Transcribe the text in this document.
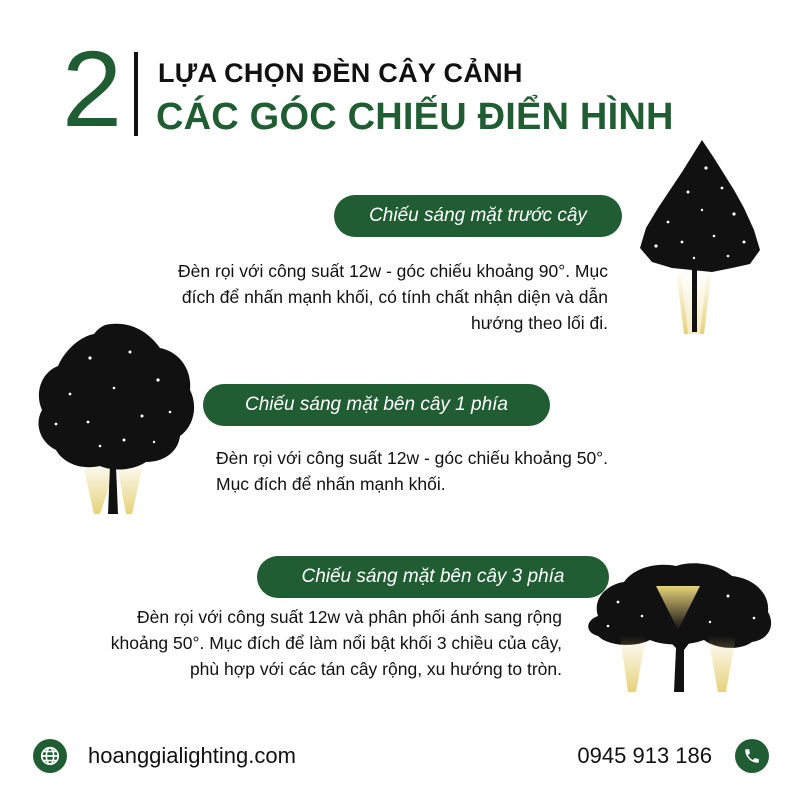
2 LỰA CHỌN ĐÈN CÂY CẢNH
CÁC GÓC CHIẾU ĐIỂN HÌNH
Chiếu sáng mặt trước cây
Đèn rọi với công suất 12w - góc chiếu khoảng 90°. Mục
đích để nhấn mạnh khối, có tính chất nhận diện và dẫn
hướng theo lối đi.
Chiếu sáng mặt bên cây 1 phía
Đèn rọi với công suất 12w - góc chiếu khoảng 50°.
Mục đích để nhấn mạnh khối.
Chiếu sáng mặt bên cây 3 phía
Đèn rọi với công suất 12w và phân phối ánh sang rộng
khoảng 50°. Mục đích để làm nổi bật khối 3 chiều của cây,
phù hợp với các tán cây rộng, xu hướng to tròn.
hoanggialighting.com	0945 913 186
